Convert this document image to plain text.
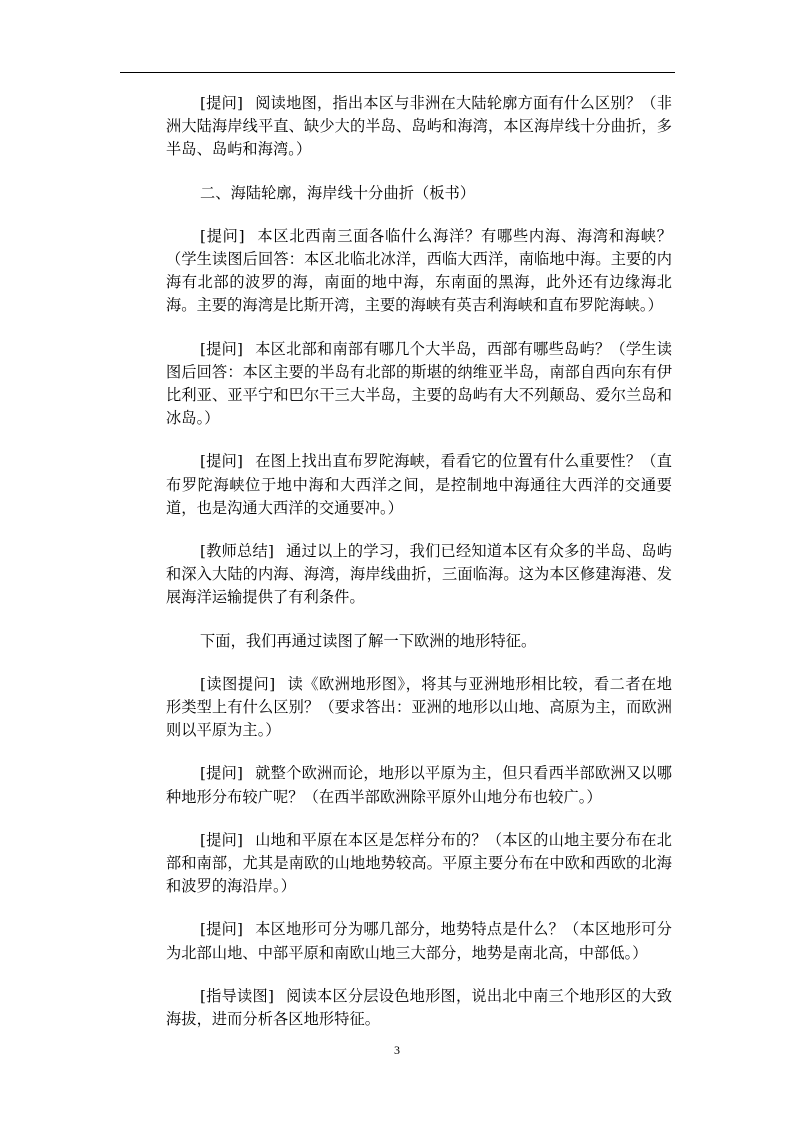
[提问] 阅读地图，指出本区与非洲在大陆轮廓方面有什么区别？（非洲大陆海岸线平直、缺少大的半岛、岛屿和海湾，本区海岸线十分曲折，多半岛、岛屿和海湾。）

二、海陆轮廓，海岸线十分曲折（板书）

[提问] 本区北西南三面各临什么海洋？有哪些内海、海湾和海峡？（学生读图后回答：本区北临北冰洋，西临大西洋，南临地中海。主要的内海有北部的波罗的海，南面的地中海，东南面的黑海，此外还有边缘海北海。主要的海湾是比斯开湾，主要的海峡有英吉利海峡和直布罗陀海峡。）

[提问] 本区北部和南部有哪几个大半岛，西部有哪些岛屿？（学生读图后回答：本区主要的半岛有北部的斯堪的纳维亚半岛，南部自西向东有伊比利亚、亚平宁和巴尔干三大半岛，主要的岛屿有大不列颠岛、爱尔兰岛和冰岛。）

[提问] 在图上找出直布罗陀海峡，看看它的位置有什么重要性？（直布罗陀海峡位于地中海和大西洋之间，是控制地中海通往大西洋的交通要道，也是沟通大西洋的交通要冲。）

[教师总结] 通过以上的学习，我们已经知道本区有众多的半岛、岛屿和深入大陆的内海、海湾，海岸线曲折，三面临海。这为本区修建海港、发展海洋运输提供了有利条件。

下面，我们再通过读图了解一下欧洲的地形特征。

[读图提问] 读《欧洲地形图》，将其与亚洲地形相比较，看二者在地形类型上有什么区别？（要求答出：亚洲的地形以山地、高原为主，而欧洲则以平原为主。）

[提问] 就整个欧洲而论，地形以平原为主，但只看西半部欧洲又以哪种地形分布较广呢？（在西半部欧洲除平原外山地分布也较广。）

[提问] 山地和平原在本区是怎样分布的？（本区的山地主要分布在北部和南部，尤其是南欧的山地地势较高。平原主要分布在中欧和西欧的北海和波罗的海沿岸。）

[提问] 本区地形可分为哪几部分，地势特点是什么？（本区地形可分为北部山地、中部平原和南欧山地三大部分，地势是南北高，中部低。）

[指导读图] 阅读本区分层设色地形图，说出北中南三个地形区的大致海拔，进而分析各区地形特征。

3
